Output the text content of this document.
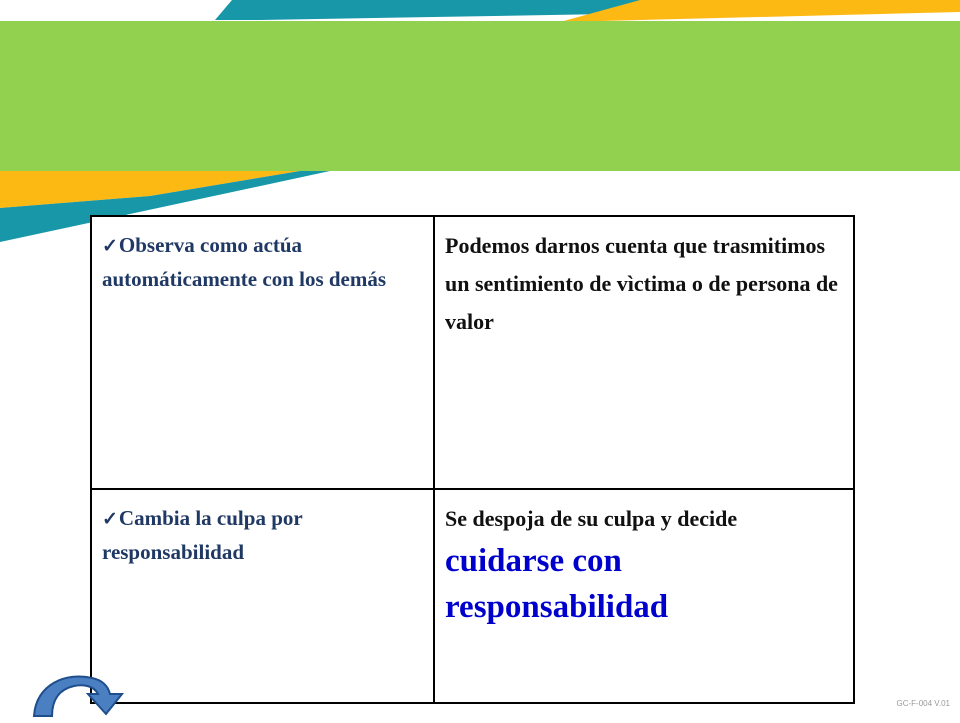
✓Observa como actúa automáticamente con los demás	Podemos darnos cuenta que trasmitimos un sentimiento de vìctima o de persona de valor
✓Cambia la culpa por responsabilidad	Se despoja de su culpa y decide cuidarse con responsabilidad
GC-F-004 V.01
